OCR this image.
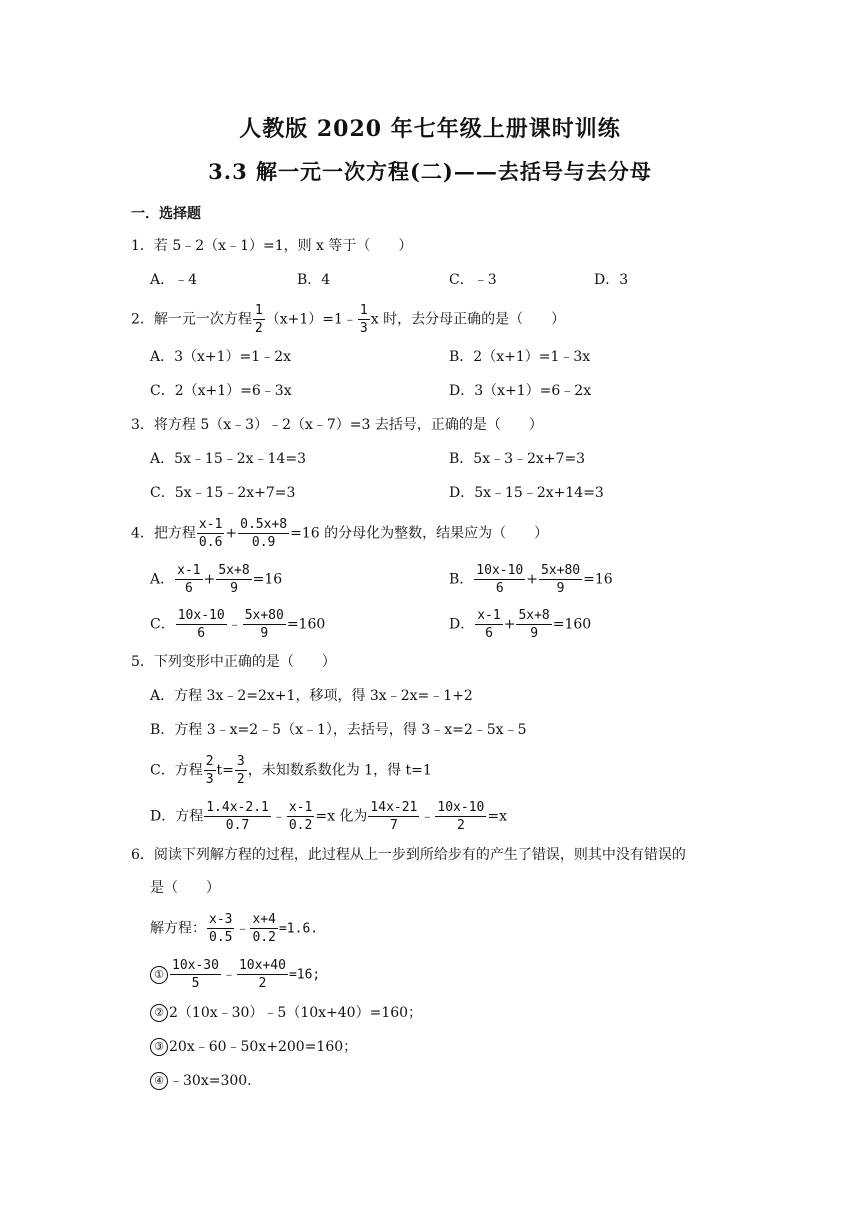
人教版 2020 年七年级上册课时训练
3.3 解一元一次方程(二)——去括号与去分母
一．选择题
1．若 5﹣2（x﹣1）=1，则 x 等于（　　）
A．﹣4	B．4	C．﹣3	D．3
2．解一元一次方程 $\frac{1}{2}$ （x+1）=1﹣ $\frac{1}{3}$ x 时，去分母正确的是（　　）
A．3（x+1）=1﹣2x	B．2（x+1）=1﹣3x
C．2（x+1）=6﹣3x	D．3（x+1）=6﹣2x
3．将方程 5（x﹣3）﹣2（x﹣7）=3 去括号，正确的是（　　）
A．5x﹣15﹣2x﹣14=3	B．5x﹣3﹣2x+7=3
C．5x﹣15﹣2x+7=3	D．5x﹣15﹣2x+14=3
4．把方程 $\frac{x-1}{0.6} + \frac{0.5x+8}{0.9} =16$ 的分母化为整数，结果应为（　　）
A． $\frac{x-1}{6} + \frac{5x+8}{9} =16$	B． $\frac{10x-10}{6} + \frac{5x+80}{9} =16$
C． $\frac{10x-10}{6}$ ﹣ $\frac{5x+80}{9} =160$	D． $\frac{x-1}{6} + \frac{5x+8}{9} =160$
5．下列变形中正确的是（　　）
A．方程 3x﹣2=2x+1，移项，得 3x﹣2x=﹣1+2
B．方程 3﹣x=2﹣5（x﹣1），去括号，得 3﹣x=2﹣5x﹣5
C．方程 $\frac{2}{3} t= \frac{3}{2}$ ，未知数系数化为 1，得 t=1
D．方程 $\frac{1.4x-2.1}{0.7}$ ﹣ $\frac{x-1}{0.2} =x$ 化为 $\frac{14x-21}{7}$ ﹣ $\frac{10x-10}{2} =x$
6．阅读下列解方程的过程，此过程从上一步到所给步有的产生了错误，则其中没有错误的
是（　　）
解方程： $\frac{x-3}{0.5}$ ﹣ $\frac{x+4}{0.2} =1.6$.
① $\frac{10x-30}{5}$ ﹣ $\frac{10x+40}{2} =16$;
② 2（10x﹣30）﹣5（10x+40）=160；
③ 20x﹣60﹣50x+200=160；
④ ﹣30x=300.
